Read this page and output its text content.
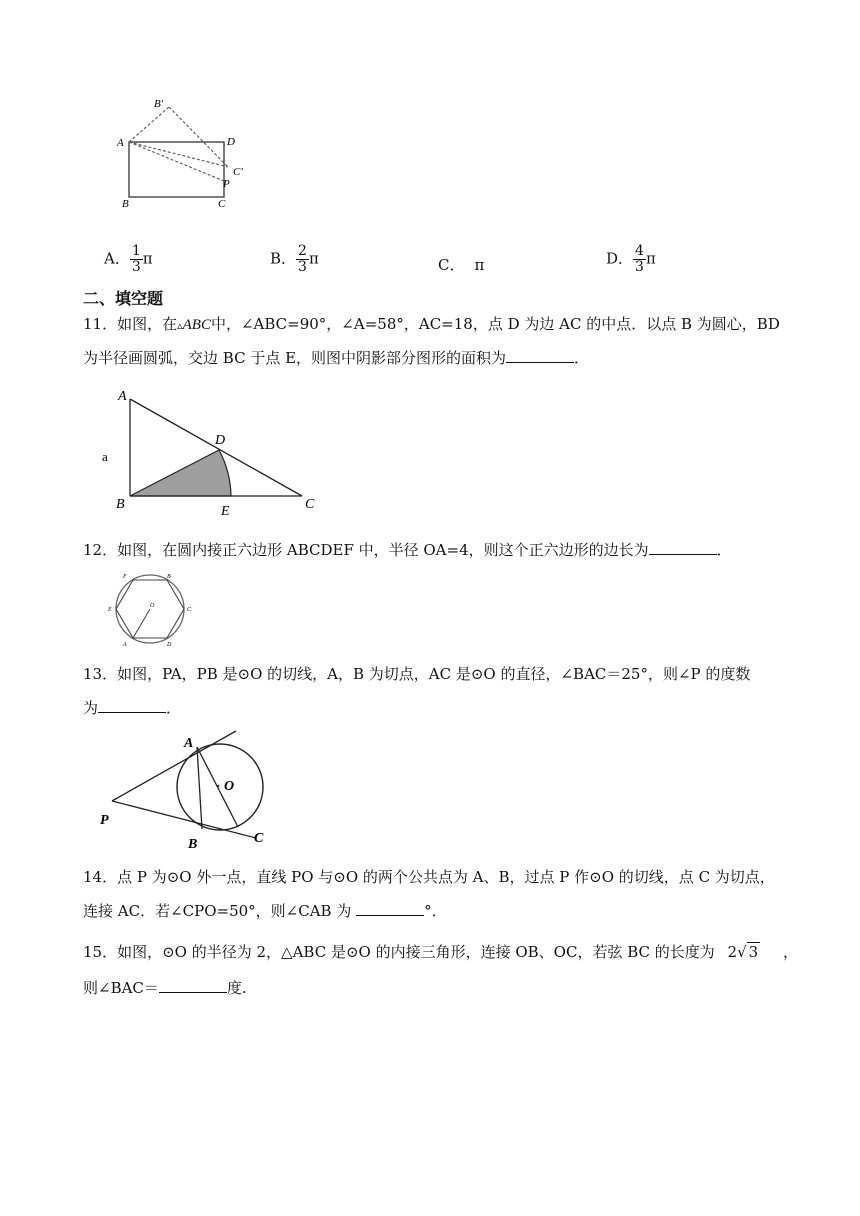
B'
A	D
C'
P
B	C
A． $\frac{1}{3}$ π	B． $\frac{2}{3}$ π	C． π	D． $\frac{4}{3}$ π
二、填空题
11．如图，在▵ABC中，∠ABC=90°，∠A=58°，AC=18，点 D 为边 AC 的中点．以点 B 为圆心，BD
为半径画圆弧，交边 BC 于点 E，则图中阴影部分图形的面积为	．
A
B	C
D
E
a
12．如图，在圆内接正六边形 ABCDEF 中，半径 OA=4，则这个正六边形的边长为	．
F	B
E	C
A	D
O
13．如图，PA，PB 是⊙O 的切线，A，B 为切点，AC 是⊙O 的直径，∠BAC＝25°，则∠P 的度数
为	．
A
O
P
B	C
14．点 P 为⊙O 外一点，直线 PO 与⊙O 的两个公共点为 A、B，过点 P 作⊙O 的切线，点 C 为切点，
连接 AC．若∠CPO=50°，则∠CAB 为	°．
15．如图，⊙O 的半径为 2，△ABC 是⊙O 的内接三角形，连接 OB、OC，若弦 BC 的长度为 2√ 3 ，
则∠BAC＝	度.
